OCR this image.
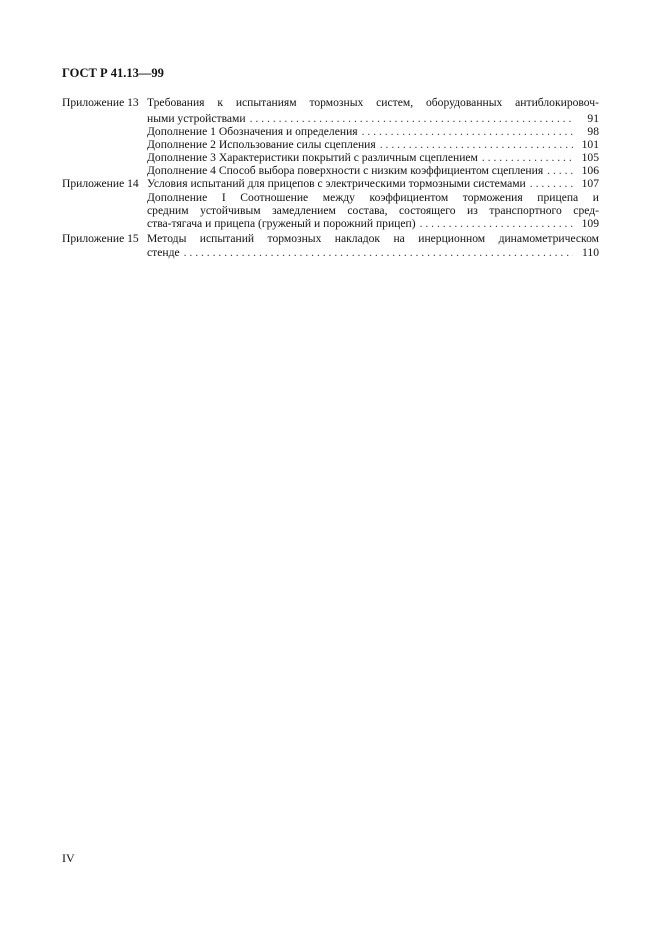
ГОСТ Р 41.13—99
Приложение 13 Требования к испытаниям тормозных систем, оборудованных антиблокировоч-
ными устройствами . . .	91
Дополнение 1 Обозначения и определения . . .	98
Дополнение 2 Использование силы сцепления . . .	101
Дополнение 3 Характеристики покрытий с различным сцеплением . . .	105
Дополнение 4 Способ выбора поверхности с низким коэффициентом сцепления . . .	106
Приложение 14 Условия испытаний для прицепов с электрическими тормозными системами . . .	107
Дополнение I Соотношение между коэффициентом торможения прицепа и
средним устойчивым замедлением состава, состоящего из транспортного сред-
ства-тягача и прицепа (груженый и порожний прицеп) . . .	109
Приложение 15 Методы испытаний тормозных накладок на инерционном динамометрическом
стенде . . .	110
IV
